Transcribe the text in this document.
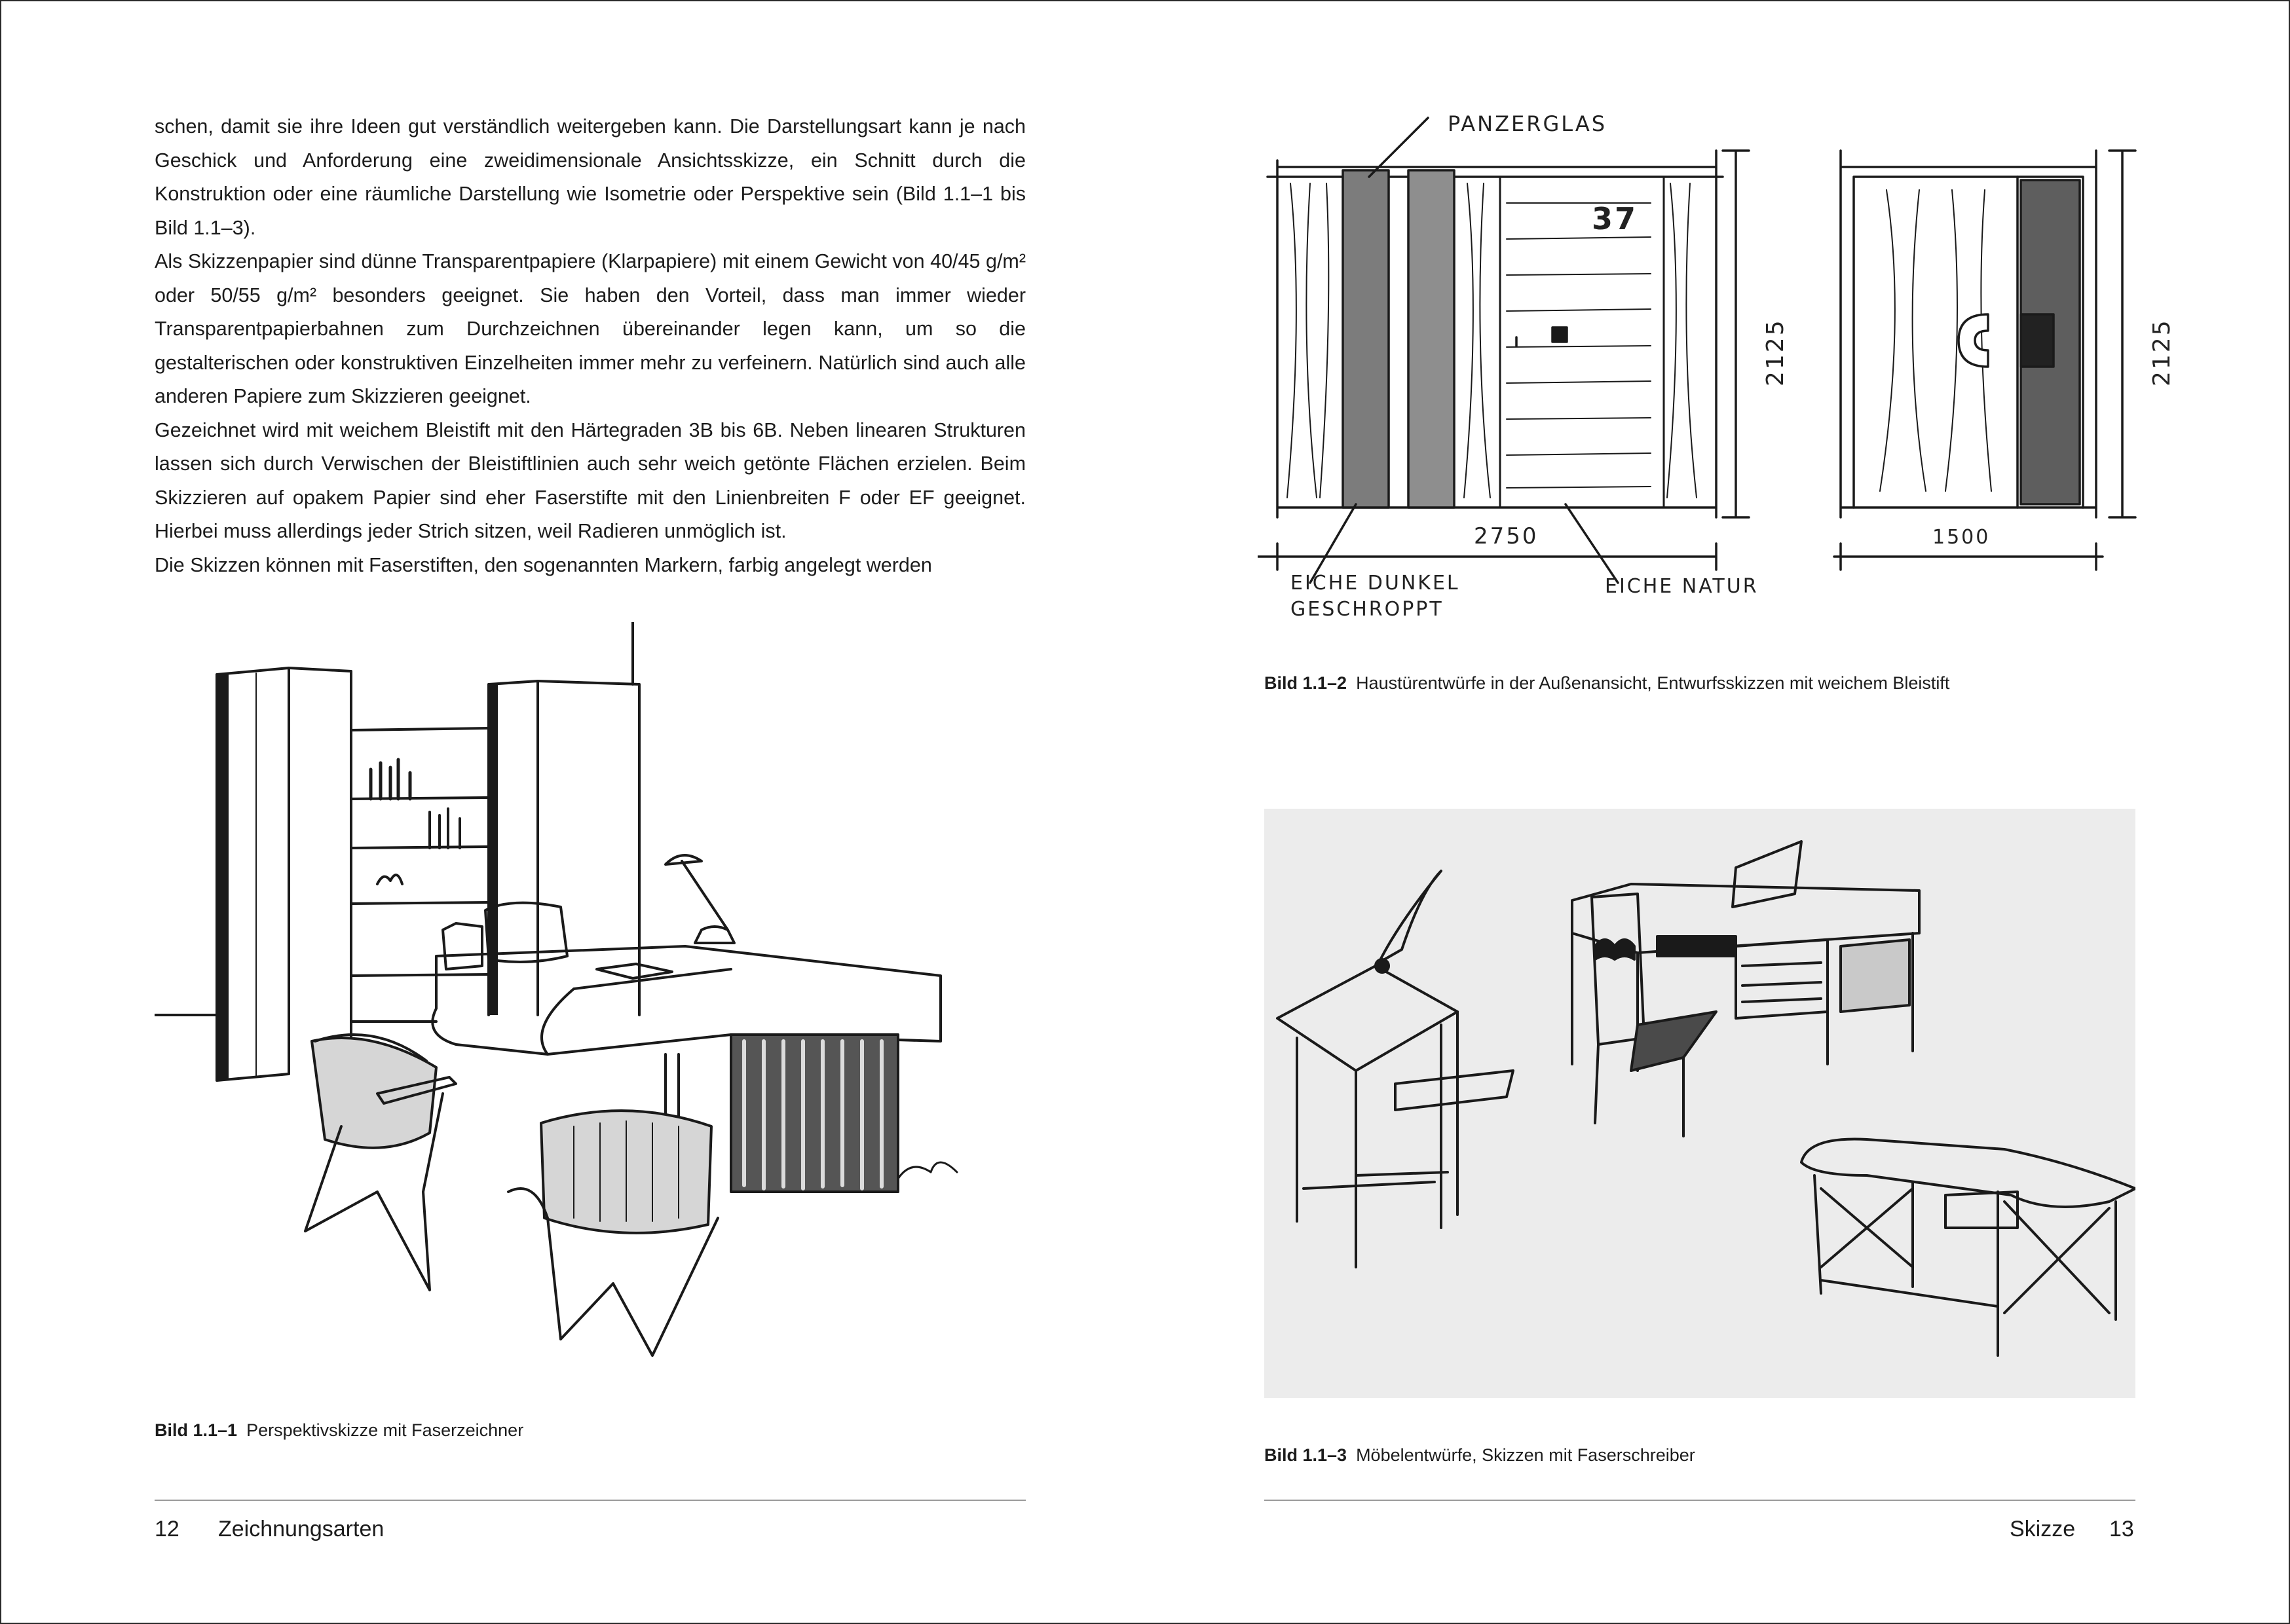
schen, damit sie ihre Ideen gut verständlich weitergeben kann. Die Darstellungsart kann je nach Geschick und Anforderung eine zweidimensionale Ansichtsskizze, ein Schnitt durch die Konstruktion oder eine räumliche Darstellung wie Isometrie oder Perspektive sein (Bild 1.1–1 bis Bild 1.1–3).

Als Skizzenpapier sind dünne Transparentpapiere (Klarpapiere) mit einem Gewicht von 40/45 g/m² oder 50/55 g/m² besonders geeignet. Sie haben den Vorteil, dass man immer wieder Transparentpapierbahnen zum Durchzeichnen übereinander legen kann, um so die gestalterischen oder konstruktiven Einzelheiten immer mehr zu verfeinern. Natürlich sind auch alle anderen Papiere zum Skizzieren geeignet.

Gezeichnet wird mit weichem Bleistift mit den Härtegraden 3B bis 6B. Neben linearen Strukturen lassen sich durch Verwischen der Bleistiftlinien auch sehr weich getönte Flächen erzielen. Beim Skizzieren auf opakem Papier sind eher Faserstifte mit den Linienbreiten F oder EF geeignet. Hierbei muss allerdings jeder Strich sitzen, weil Radieren unmöglich ist.

Die Skizzen können mit Faserstiften, den sogenannten Markern, farbig angelegt werden

Bild 1.1–1 Perspektivskizze mit Faserzeichner
PANZERGLAS
37
2125	2125
2750	1500
EICHE DUNKEL
GESCHROPPT
EICHE NATUR
Bild 1.1–2 Haustürentwürfe in der Außenansicht, Entwurfsskizzen mit weichem Bleistift
Bild 1.1–3 Möbelentwürfe, Skizzen mit Faserschreiber
12 Zeichnungsarten	Skizze 13
